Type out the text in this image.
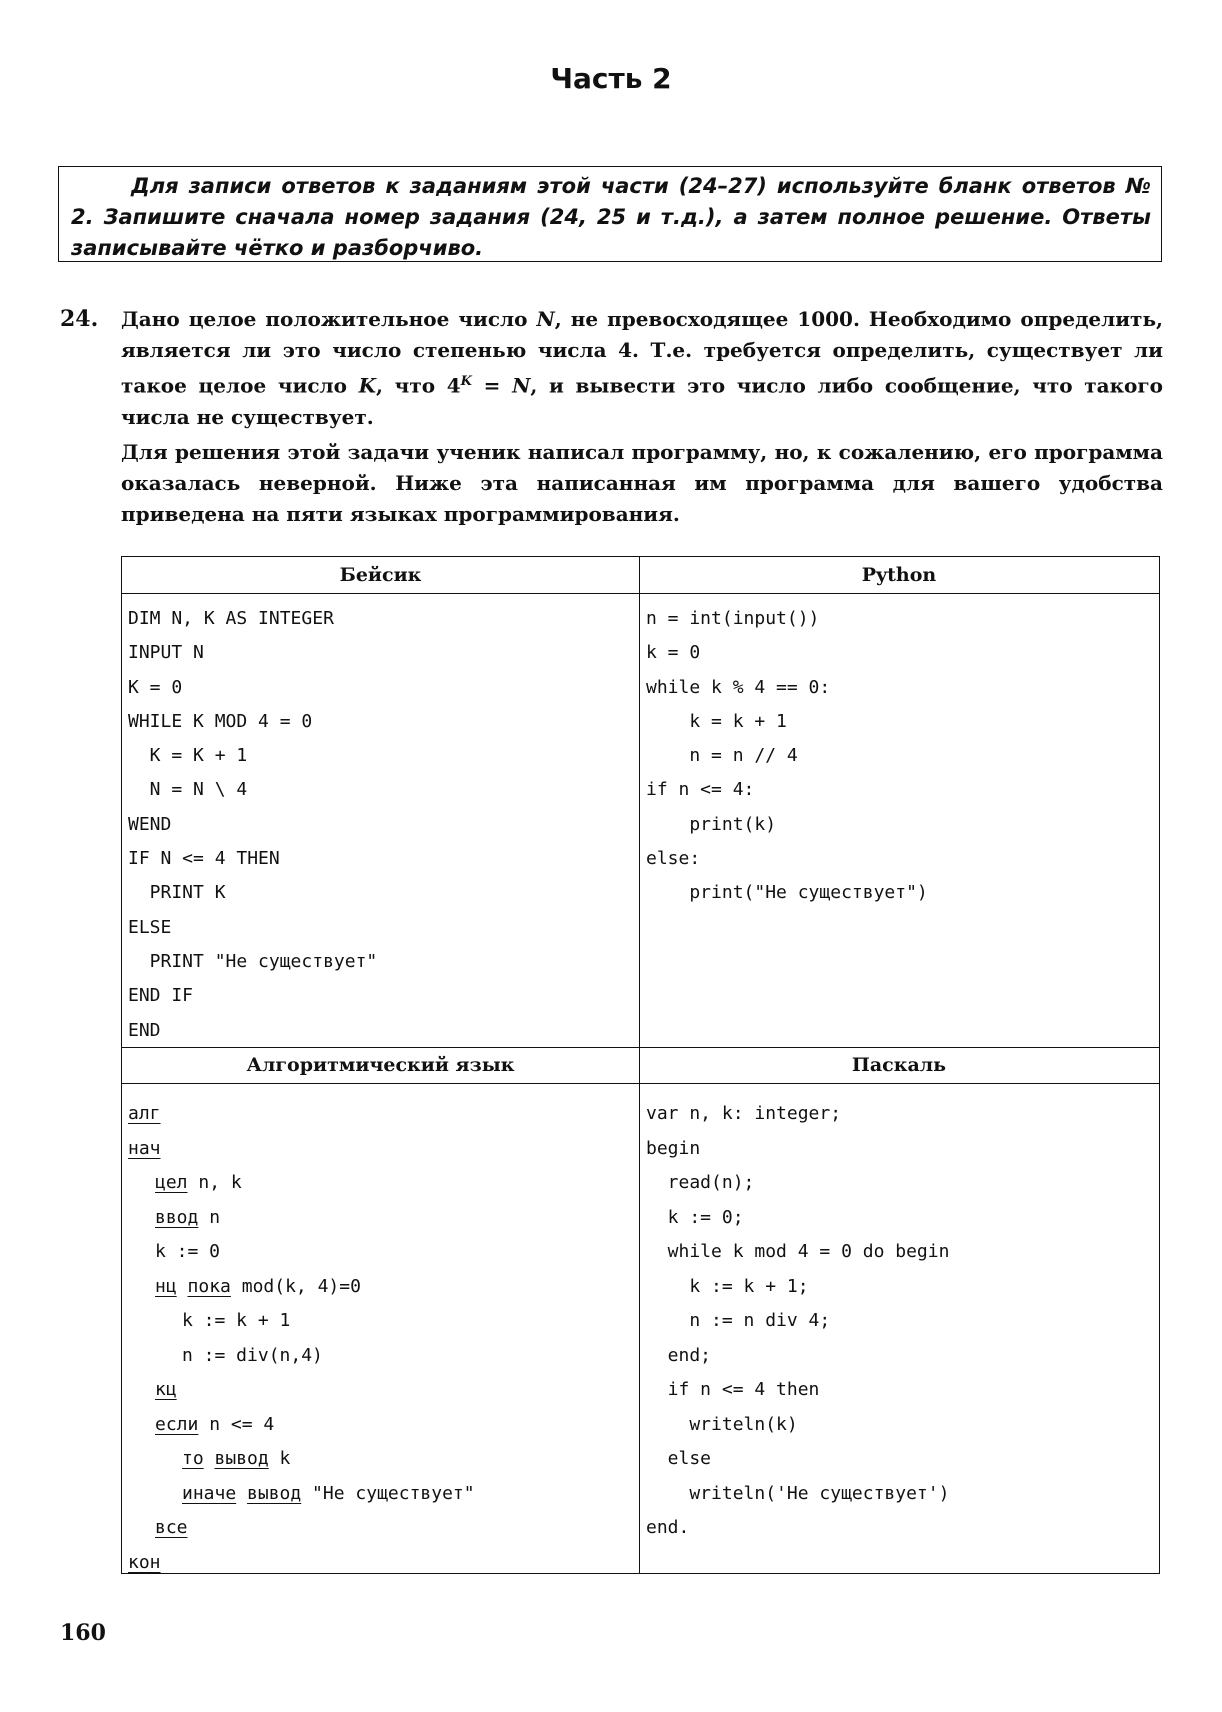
Часть 2
Для записи ответов к заданиям этой части (24–27) используйте бланк ответов № 2. Запишите сначала номер задания (24, 25 и т.д.), а затем полное решение. Ответы записывайте чётко и разборчиво.
24. Дано целое положительное число N, не превосходящее 1000. Необходимо определить, является ли это число степенью числа 4. Т.е. требуется определить, существует ли такое целое число K, что $4^K = N$, и вывести это число либо сообщение, что такого числа не существует.

Для решения этой задачи ученик написал программу, но, к сожалению, его программа оказалась неверной. Ниже эта написанная им программа для вашего удобства приведена на пяти языках программирования.

Бейсик	Python
Алгоритмический язык	Паскаль
DIM N, K AS INTEGER
INPUT N
K = 0
WHILE K MOD 4 = 0
K = K + 1
N = N \ 4
WEND
IF N <= 4 THEN
PRINT K
ELSE
PRINT "Не существует"
END IF
END
n = int(input())
k = 0
while k % 4 == 0:
k = k + 1
n = n // 4
if n <= 4:
print(k)
else:
print("Не существует")
алг
нач
цел n, k
ввод n
k := 0
нц пока mod(k, 4)=0
k := k + 1
n := div(n,4)
кц
если n <= 4
то вывод k
иначе вывод "Не существует"
все
кон
var n, k: integer;
begin
read(n);
k := 0;
while k mod 4 = 0 do begin
k := k + 1;
n := n div 4;
end;
if n <= 4 then
writeln(k)
else
writeln('Не существует')
end.
160
